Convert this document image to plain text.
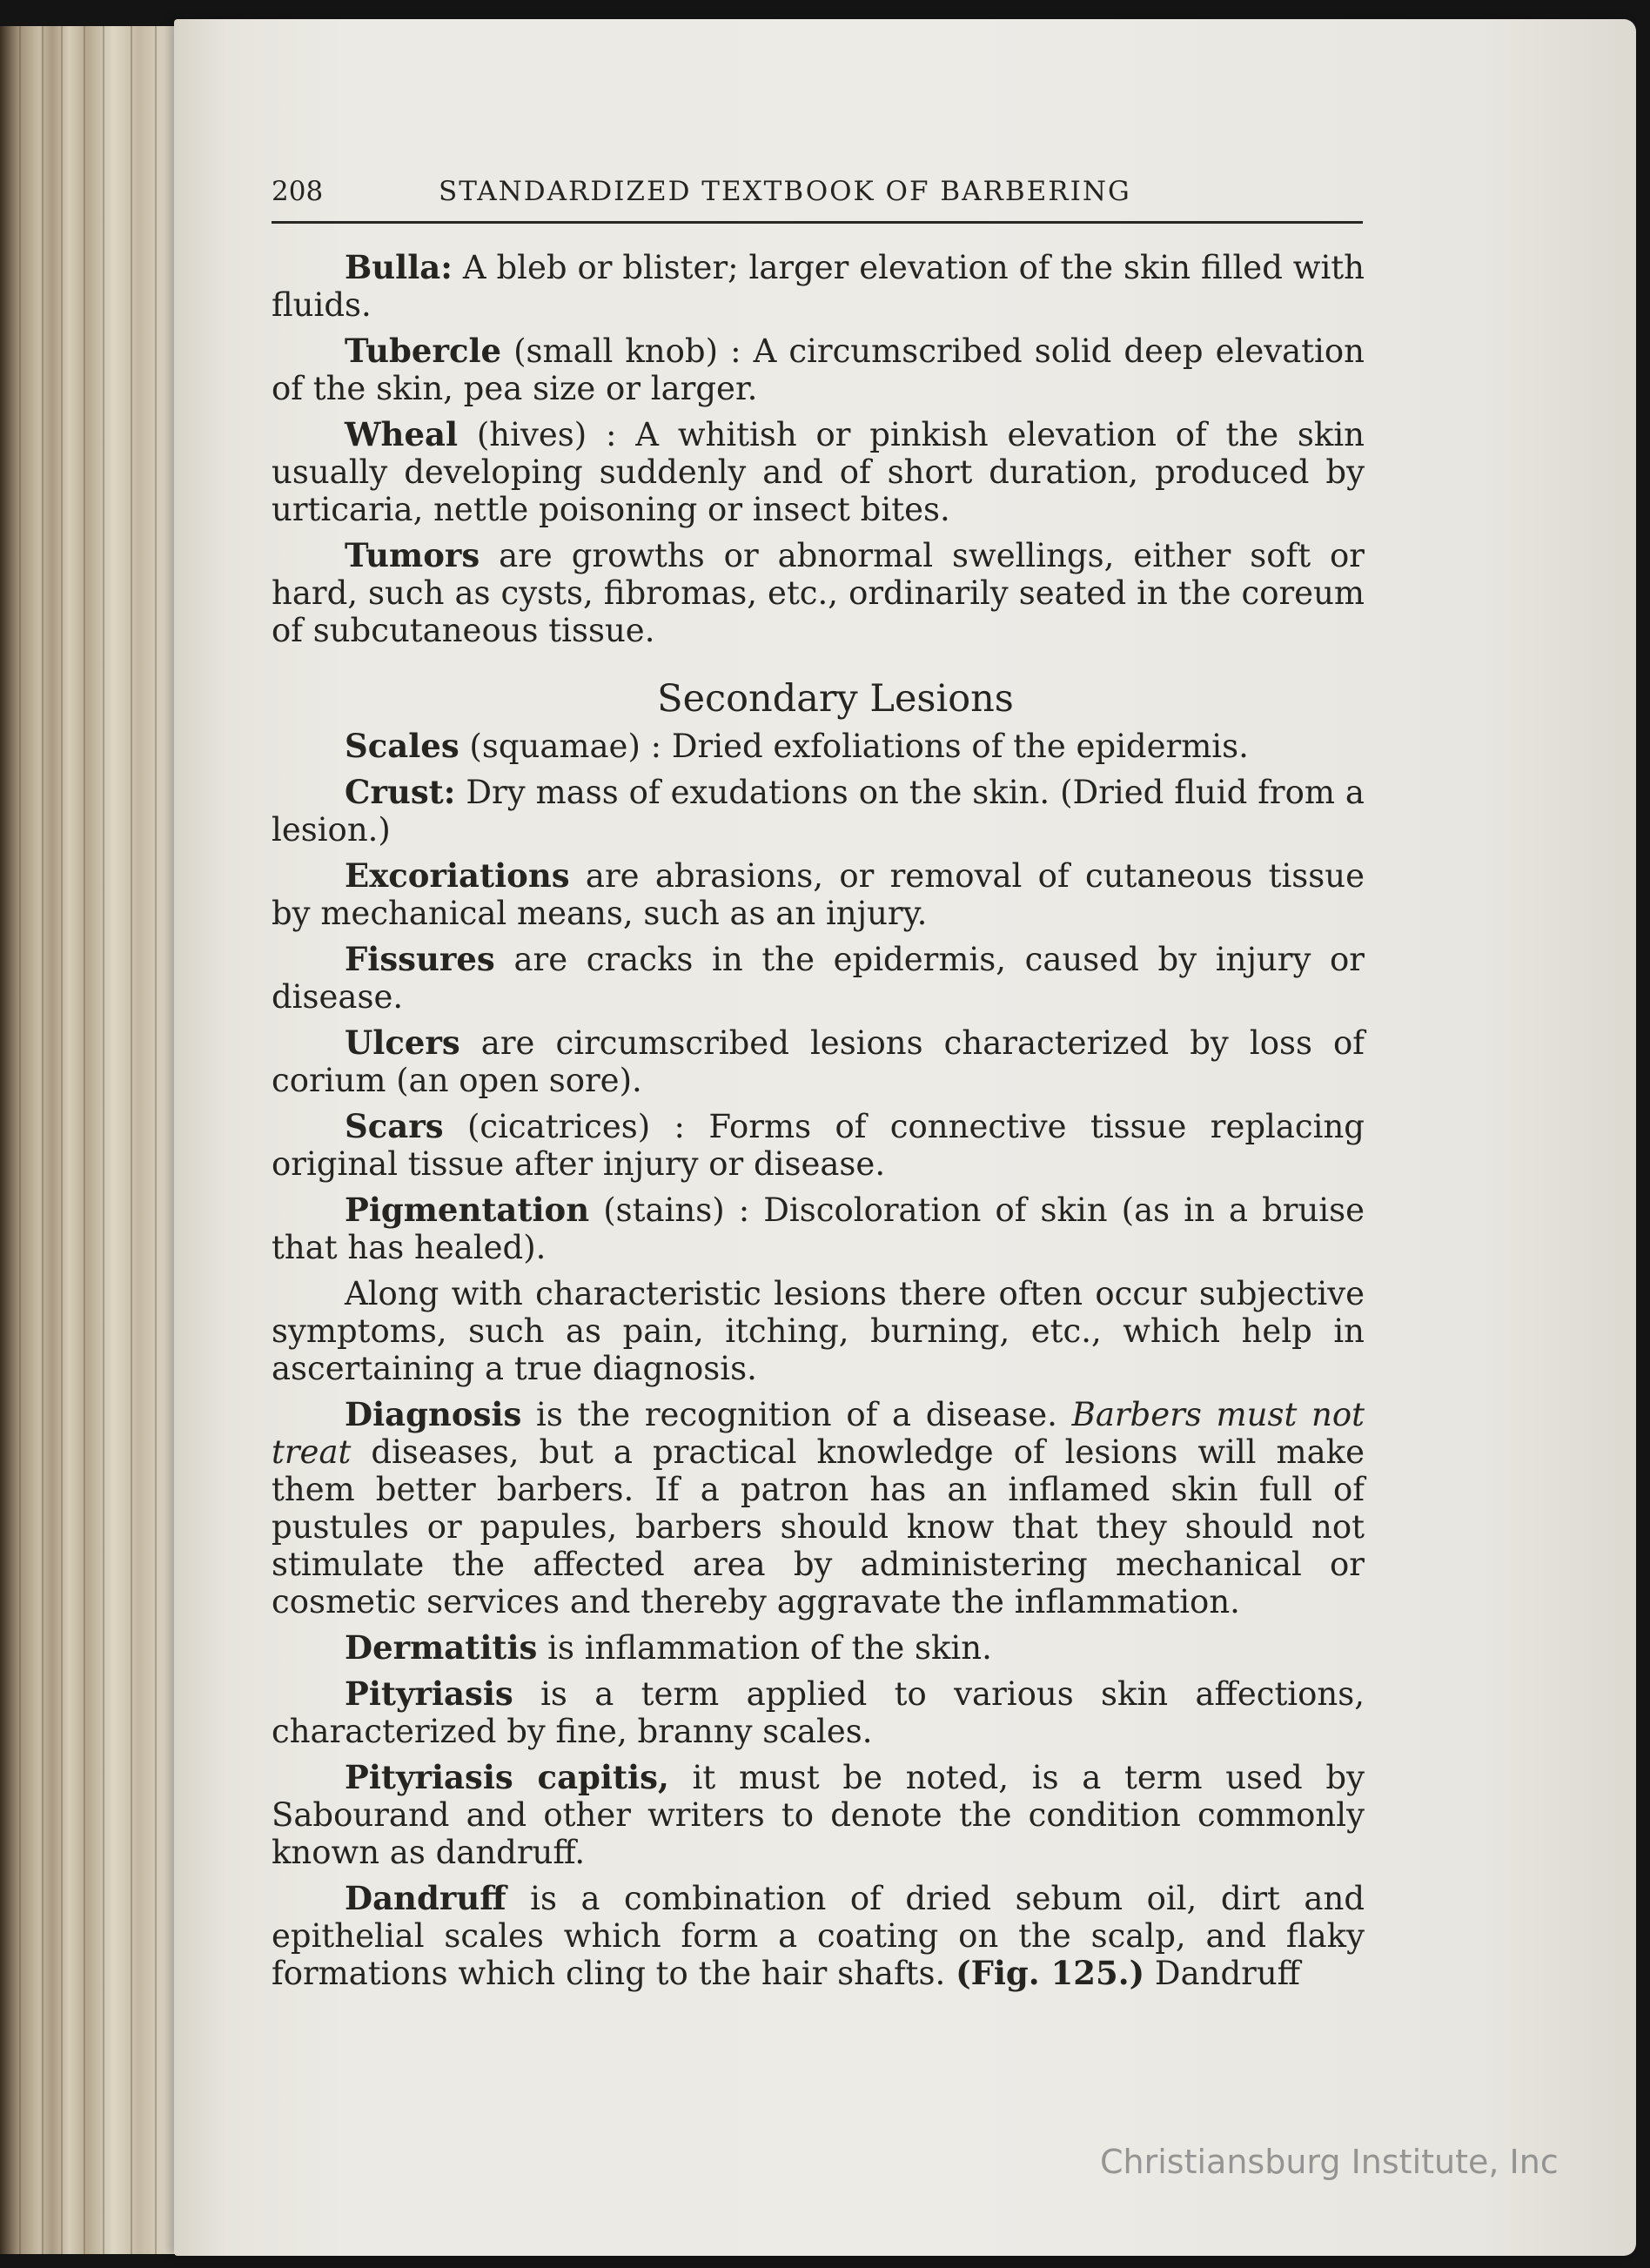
208	STANDARDIZED TEXTBOOK OF BARBERING

Bulla: A bleb or blister; larger elevation of the skin filled with fluids.

Tubercle (small knob) : A circumscribed solid deep elevation of the skin, pea size or larger.

Wheal (hives) : A whitish or pinkish elevation of the skin usually developing suddenly and of short duration, produced by urticaria, nettle poisoning or insect bites.

Tumors are growths or abnormal swellings, either soft or hard, such as cysts, fibromas, etc., ordinarily seated in the coreum of subcutaneous tissue.

Secondary Lesions

Scales (squamae) : Dried exfoliations of the epidermis.

Crust: Dry mass of exudations on the skin. (Dried fluid from a lesion.)

Excoriations are abrasions, or removal of cutaneous tissue by mechanical means, such as an injury.

Fissures are cracks in the epidermis, caused by injury or disease.

Ulcers are circumscribed lesions characterized by loss of corium (an open sore).

Scars (cicatrices) : Forms of connective tissue replacing original tissue after injury or disease.

Pigmentation (stains) : Discoloration of skin (as in a bruise that has healed).

Along with characteristic lesions there often occur subjective symptoms, such as pain, itching, burning, etc., which help in ascertaining a true diagnosis.

Diagnosis is the recognition of a disease. Barbers must not treat diseases, but a practical knowledge of lesions will make them better barbers. If a patron has an inflamed skin full of pustules or papules, barbers should know that they should not stimulate the affected area by administering mechanical or cosmetic services and thereby aggravate the inflammation.

Dermatitis is inflammation of the skin.

Pityriasis is a term applied to various skin affections, characterized by fine, branny scales.

Pityriasis capitis, it must be noted, is a term used by Sabourand and other writers to denote the condition commonly known as dandruff.

Dandruff is a combination of dried sebum oil, dirt and epithelial scales which form a coating on the scalp, and flaky formations which cling to the hair shafts. (Fig. 125.) Dandruff

Christiansburg Institute, Inc
